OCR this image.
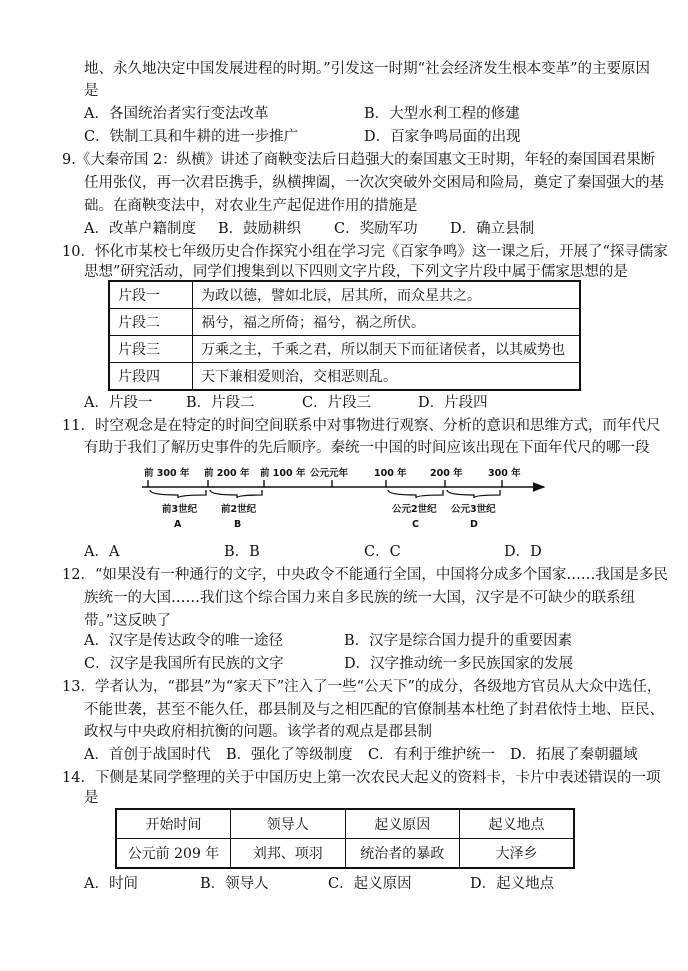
地、永久地决定中国发展进程的时期。”引发这一时期“社会经济发生根本变革”的主要原因
是
A．各国统治者实行变法改革	B．大型水利工程的修建
C．铁制工具和牛耕的进一步推广	D．百家争鸣局面的出现
9.《大秦帝国 2：纵横》讲述了商鞅变法后日趋强大的秦国惠文王时期，年轻的秦国国君果断
任用张仪，再一次君臣携手，纵横捭阖，一次次突破外交困局和险局，奠定了秦国强大的基
础。在商鞅变法中，对农业生产起促进作用的措施是
A．改革户籍制度 B．鼓励耕织 C．奖励军功 D．确立县制
10．怀化市某校七年级历史合作探究小组在学习完《百家争鸣》这一课之后，开展了“探寻儒家
思想”研究活动，同学们搜集到以下四则文字片段，下列文字片段中属于儒家思想的是
片段一	为政以德，譬如北辰，居其所，而众星共之。
片段二	祸兮，福之所倚；福兮，祸之所伏。
片段三	万乘之主，千乘之君，所以制天下而征诸侯者，以其威势也
片段四	天下兼相爱则治，交相恶则乱。
A．片段一 B．片段二	C．片段三	D．片段四
11．时空观念是在特定的时间空间联系中对事物进行观察、分析的意识和思维方式，而年代尺
有助于我们了解历史事件的先后顺序。秦统一中国的时间应该出现在下面年代尺的哪一段
前 300 年 前 200 年 前 100 年 公元元年	100 年 200 年	300 年
前3世纪
A
前2世纪
B
公元2世纪
C
公元3世纪
D
A．A	B．B	C．C	D．D
12．“如果没有一种通行的文字，中央政令不能通行全国，中国将分成多个国家……我国是多民
族统一的大国……我们这个综合国力来自多民族的统一大国，汉字是不可缺少的联系纽
带。”这反映了
A．汉字是传达政令的唯一途径	B．汉字是综合国力提升的重要因素
C．汉字是我国所有民族的文字	D．汉字推动统一多民族国家的发展
13．学者认为，“郡县”为“家天下”注入了一些“公天下”的成分，各级地方官员从大众中选任，
不能世袭，甚至不能久任，郡县制及与之相匹配的官僚制基本杜绝了封君依恃土地、臣民、
政权与中央政府相抗衡的问题。该学者的观点是郡县制
A．首创于战国时代 B．强化了等级制度 C．有利于维护统一 D．拓展了秦朝疆域
14．下侧是某同学整理的关于中国历史上第一次农民大起义的资料卡，卡片中表述错误的一项
是
开始时间	领导人	起义原因	起义地点
公元前 209 年	刘邦、项羽	统治者的暴政	大泽乡
A．时间	B．领导人	C．起义原因	D．起义地点
